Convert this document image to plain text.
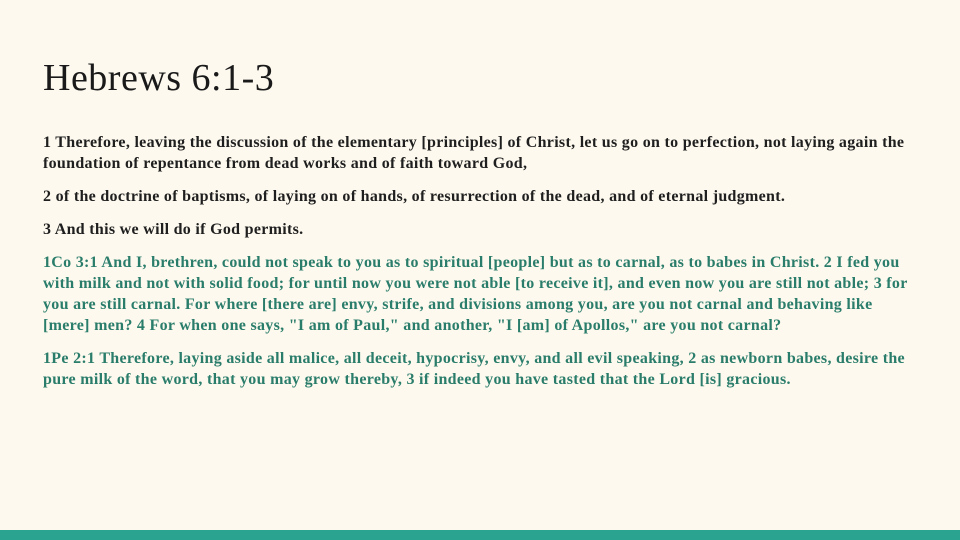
Hebrews 6:1-3

1 Therefore, leaving the discussion of the elementary [principles] of Christ, let us go on to perfection, not laying again the foundation of repentance from dead works and of faith toward God,

2 of the doctrine of baptisms, of laying on of hands, of resurrection of the dead, and of eternal judgment.

3 And this we will do if God permits.

1Co 3:1 And I, brethren, could not speak to you as to spiritual [people] but as to carnal, as to babes in Christ. 2 I fed you with milk and not with solid food; for until now you were not able [to receive it], and even now you are still not able; 3 for you are still carnal. For where [there are] envy, strife, and divisions among you, are you not carnal and behaving like [mere] men? 4 For when one says, "I am of Paul," and another, "I [am] of Apollos," are you not carnal?

1Pe 2:1 Therefore, laying aside all malice, all deceit, hypocrisy, envy, and all evil speaking, 2 as newborn babes, desire the pure milk of the word, that you may grow thereby, 3 if indeed you have tasted that the Lord [is] gracious.
